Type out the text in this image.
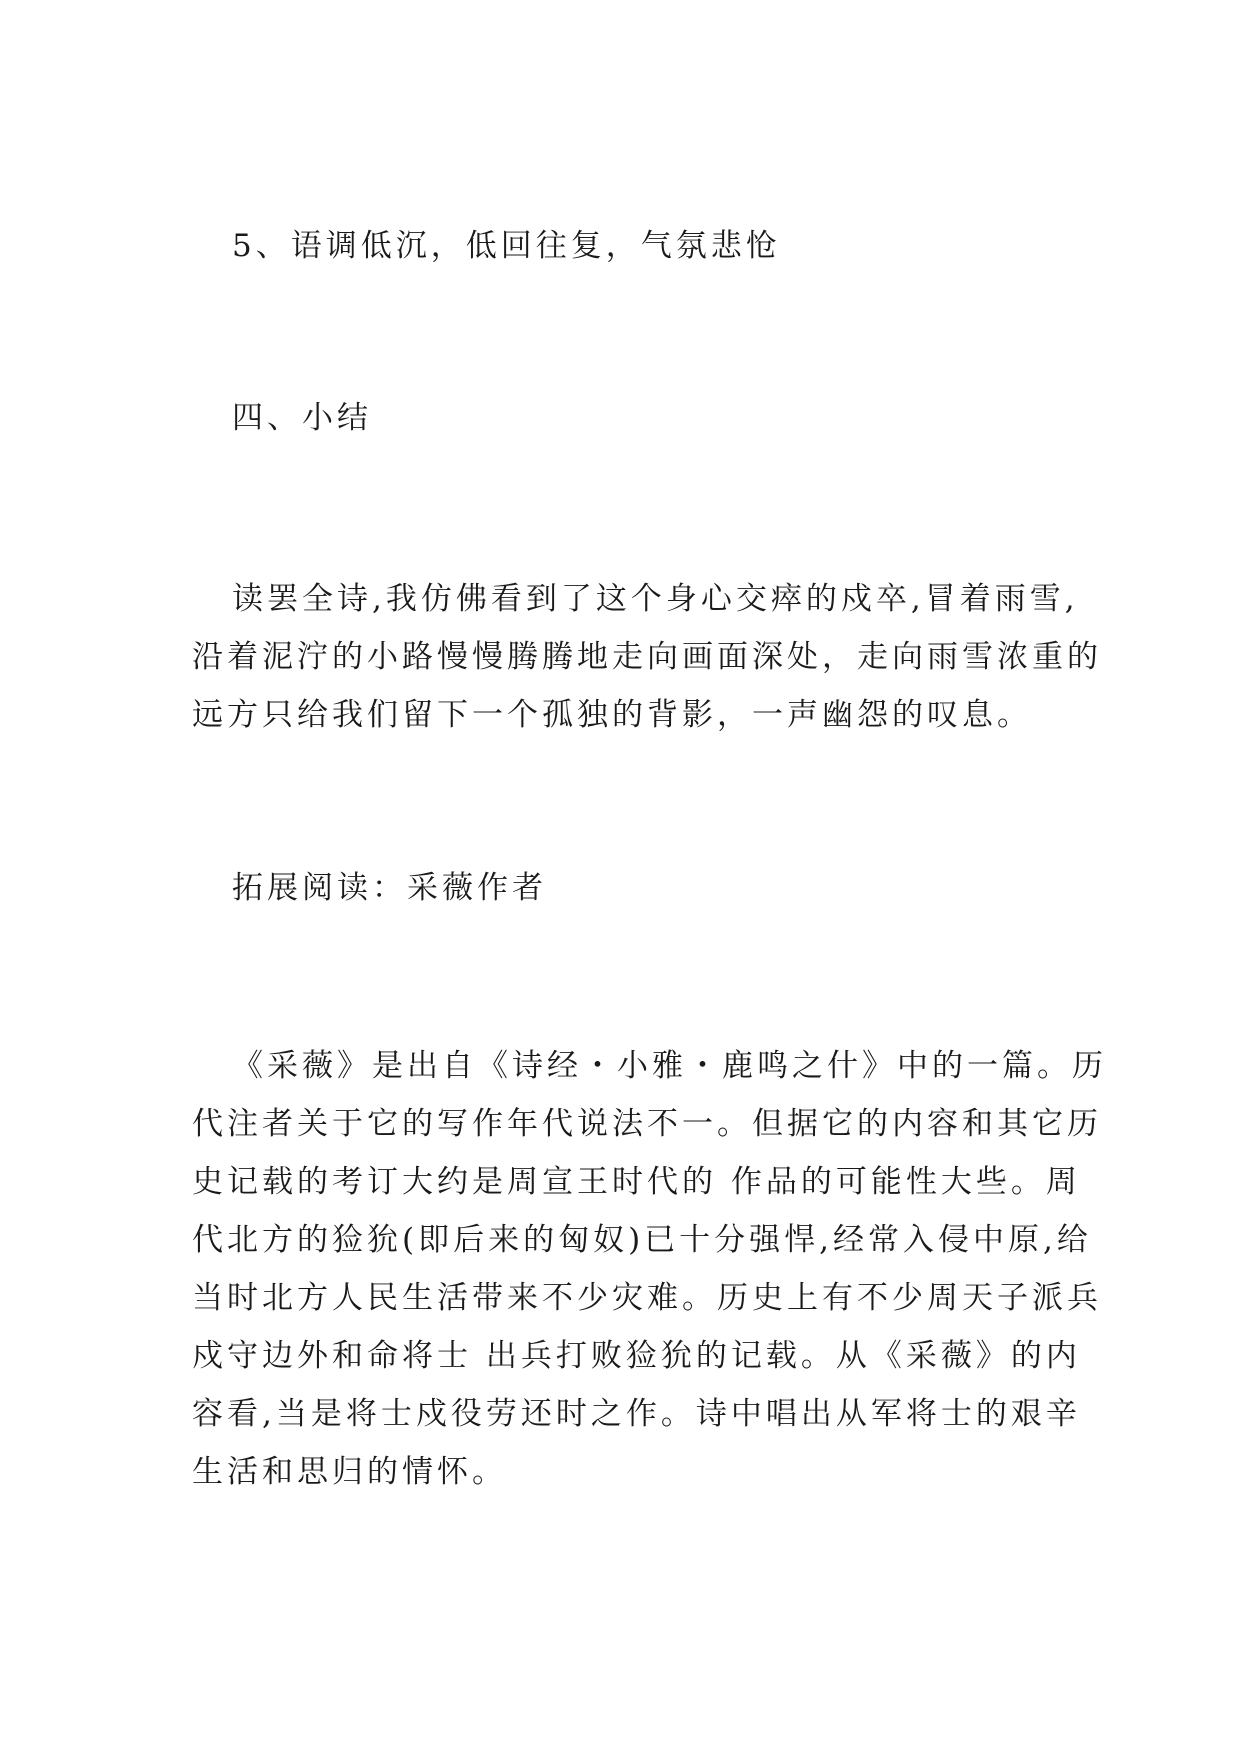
5、语调低沉，低回往复，气氛悲怆
四、小结
读罢全诗,我仿佛看到了这个身心交瘁的戍卒,冒着雨雪,
沿着泥泞的小路慢慢腾腾地走向画面深处，走向雨雪浓重的
远方只给我们留下一个孤独的背影，一声幽怨的叹息。
拓展阅读：采薇作者
《采薇》是出自《诗经・小雅・鹿鸣之什》中的一篇。历
代注者关于它的写作年代说法不一。但据它的内容和其它历
史记载的考订大约是周宣王时代的 作品的可能性大些。周
代北方的猃狁(即后来的匈奴)已十分强悍,经常入侵中原,给
当时北方人民生活带来不少灾难。历史上有不少周天子派兵
戍守边外和命将士 出兵打败猃狁的记载。从《采薇》的内
容看,当是将士戍役劳还时之作。诗中唱出从军将士的艰辛
生活和思归的情怀。
